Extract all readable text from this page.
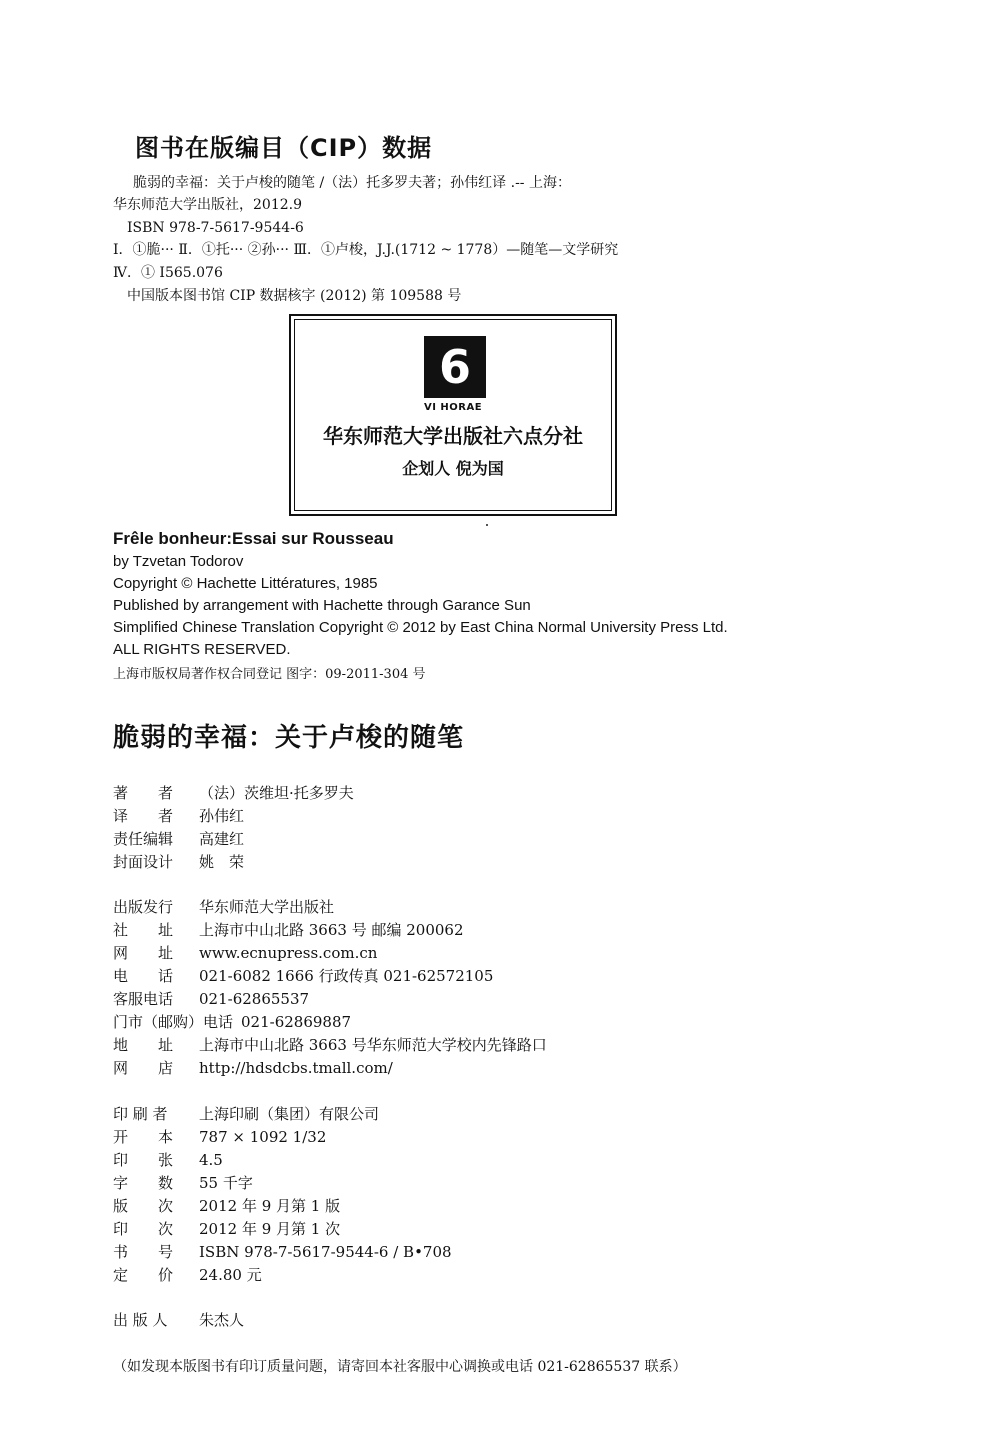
图书在版编目（CIP）数据
脆弱的幸福：关于卢梭的随笔 /（法）托多罗夫著；孙伟红译 .-- 上海：
华东师范大学出版社，2012.9
ISBN 978-7-5617-9544-6
Ⅰ．①脆··· Ⅱ．①托··· ②孙··· Ⅲ．①卢梭，J.J.(1712 ~ 1778）—随笔—文学研究
Ⅳ．① I565.076
中国版本图书馆 CIP 数据核字 (2012) 第 109588 号
6
VI HORAE
华东师范大学出版社六点分社
企划人 倪为国
Frêle bonheur:Essai sur Rousseau
by Tzvetan Todorov
Copyright © Hachette Littératures, 1985
Published by arrangement with Hachette through Garance Sun
Simplified Chinese Translation Copyright © 2012 by East China Normal University Press Ltd.
ALL RIGHTS RESERVED.
上海市版权局著作权合同登记 图字：09-2011-304 号
脆弱的幸福：关于卢梭的随笔
著　　者 （法）茨维坦·托多罗夫
译　　者 孙伟红
责任编辑 高建红
封面设计 姚　荣
出版发行 华东师范大学出版社
社　　址 上海市中山北路 3663 号 邮编 200062
网　　址 www.ecnupress.com.cn
电　　话 021-6082 1666 行政传真 021-62572105
客服电话 021-62865537
门市（邮购）电话 021-62869887
地　　址 上海市中山北路 3663 号华东师范大学校内先锋路口
网　　店 http://hdsdcbs.tmall.com/
印 刷 者 上海印刷（集团）有限公司
开　　本 787 × 1092 1/32
印　　张 4.5
字　　数 55 千字
版　　次 2012 年 9 月第 1 版
印　　次 2012 年 9 月第 1 次
书　　号 ISBN 978-7-5617-9544-6 / B•708
定　　价 24.80 元
出 版 人 朱杰人
（如发现本版图书有印订质量问题，请寄回本社客服中心调换或电话 021-62865537 联系）
